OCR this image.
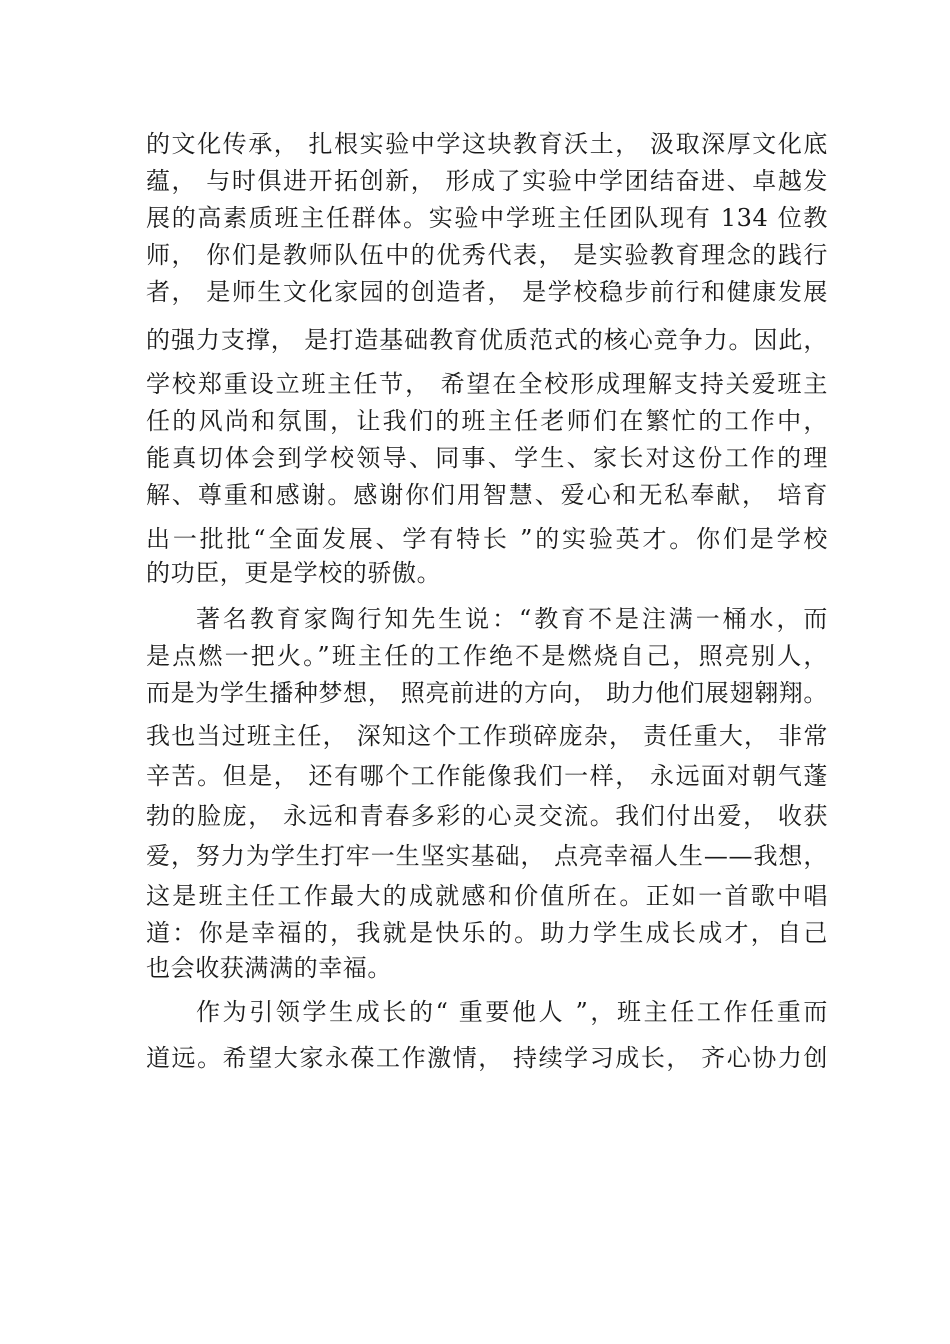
的文化传承， 扎根实验中学这块教育沃土， 汲取深厚文化底
蕴， 与时俱进开拓创新， 形成了实验中学团结奋进、卓越发
展的高素质班主任群体。实验中学班主任团队现有 134 位教
师， 你们是教师队伍中的优秀代表， 是实验教育理念的践行
者， 是师生文化家园的创造者， 是学校稳步前行和健康发展
的强力支撑， 是打造基础教育优质范式的核心竞争力。因此，
学校郑重设立班主任节， 希望在全校形成理解支持关爱班主
任的风尚和氛围，让我们的班主任老师们在繁忙的工作中，
能真切体会到学校领导、同事、学生、家长对这份工作的理
解、尊重和感谢。感谢你们用智慧、爱心和无私奉献， 培育
出一批批“全面发展、学有特长 ”的实验英才。你们是学校
的功臣，更是学校的骄傲。
著名教育家陶行知先生说：“教育不是注满一桶水，而
是点燃一把火。”班主任的工作绝不是燃烧自己，照亮别人，
而是为学生播种梦想， 照亮前进的方向， 助力他们展翅翱翔。
我也当过班主任， 深知这个工作琐碎庞杂， 责任重大， 非常
辛苦。但是， 还有哪个工作能像我们一样， 永远面对朝气蓬
勃的脸庞， 永远和青春多彩的心灵交流。我们付出爱， 收获
爱，努力为学生打牢一生坚实基础， 点亮幸福人生——我想，
这是班主任工作最大的成就感和价值所在。正如一首歌中唱
道：你是幸福的，我就是快乐的。助力学生成长成才，自己
也会收获满满的幸福。
作为引领学生成长的“ 重要他人 ”，班主任工作任重而
道远。希望大家永葆工作激情， 持续学习成长， 齐心协力创
